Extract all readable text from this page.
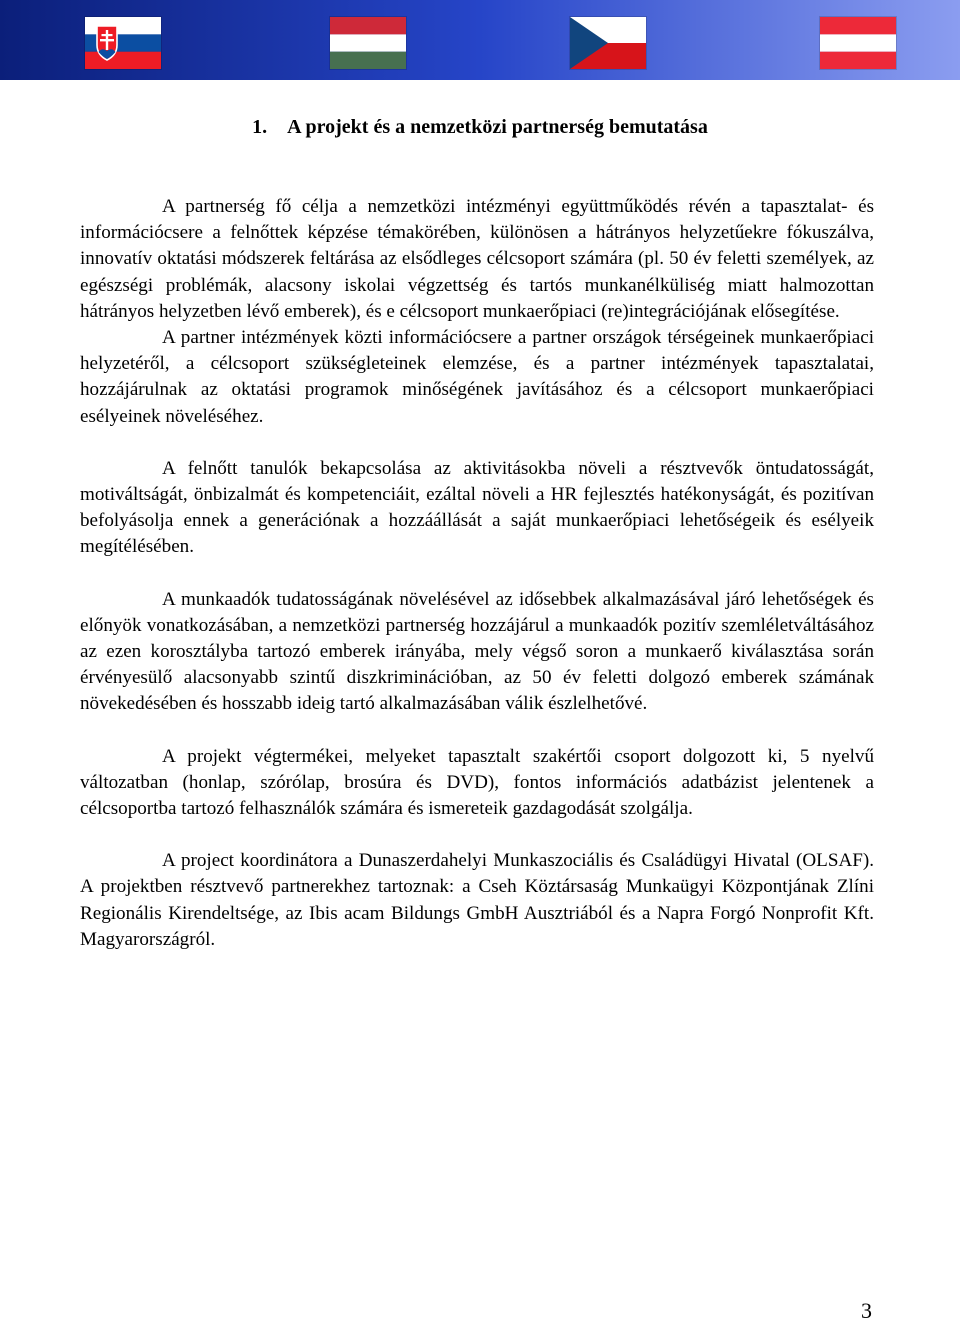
1. A projekt és a nemzetközi partnerség bemutatása

A partnerség fő célja a nemzetközi intézményi együttműködés révén a tapasztalat- és információcsere a felnőttek képzése témakörében, különösen a hátrányos helyzetűekre fókuszálva, innovatív oktatási módszerek feltárása az elsődleges célcsoport számára (pl. 50 év feletti személyek, az egészségi problémák, alacsony iskolai végzettség és tartós munkanélküliség miatt halmozottan hátrányos helyzetben lévő emberek), és e célcsoport munkaerőpiaci (re)integrációjának elősegítése.

A partner intézmények közti információcsere a partner országok térségeinek munkaerőpiaci helyzetéről, a célcsoport szükségleteinek elemzése, és a partner intézmények tapasztalatai, hozzájárulnak az oktatási programok minőségének javításához és a célcsoport munkaerőpiaci esélyeinek növeléséhez.

A felnőtt tanulók bekapcsolása az aktivitásokba növeli a résztvevők öntudatosságát, motiváltságát, önbizalmát és kompetenciáit, ezáltal növeli a HR fejlesztés hatékonyságát, és pozitívan befolyásolja ennek a generációnak a hozzáállását a saját munkaerőpiaci lehetőségeik és esélyeik megítélésében.

A munkaadók tudatosságának növelésével az idősebbek alkalmazásával járó lehetőségek és előnyök vonatkozásában, a nemzetközi partnerség hozzájárul a munkaadók pozitív szemléletváltásához az ezen korosztályba tartozó emberek irányába, mely végső soron a munkaerő kiválasztása során érvényesülő alacsonyabb szintű diszkriminációban, az 50 év feletti dolgozó emberek számának növekedésében és hosszabb ideig tartó alkalmazásában válik észlelhetővé.

A projekt végtermékei, melyeket tapasztalt szakértői csoport dolgozott ki, 5 nyelvű változatban (honlap, szórólap, brosúra és DVD), fontos információs adatbázist jelentenek a célcsoportba tartozó felhasználók számára és ismereteik gazdagodását szolgálja.

A project koordinátora a Dunaszerdahelyi Munkaszociális és Családügyi Hivatal (OLSAF). A projektben résztvevő partnerekhez tartoznak: a Cseh Köztársaság Munkaügyi Központjának Zlíni Regionális Kirendeltsége, az Ibis acam Bildungs GmbH Ausztriából és a Napra Forgó Nonprofit Kft. Magyarországról.

3
